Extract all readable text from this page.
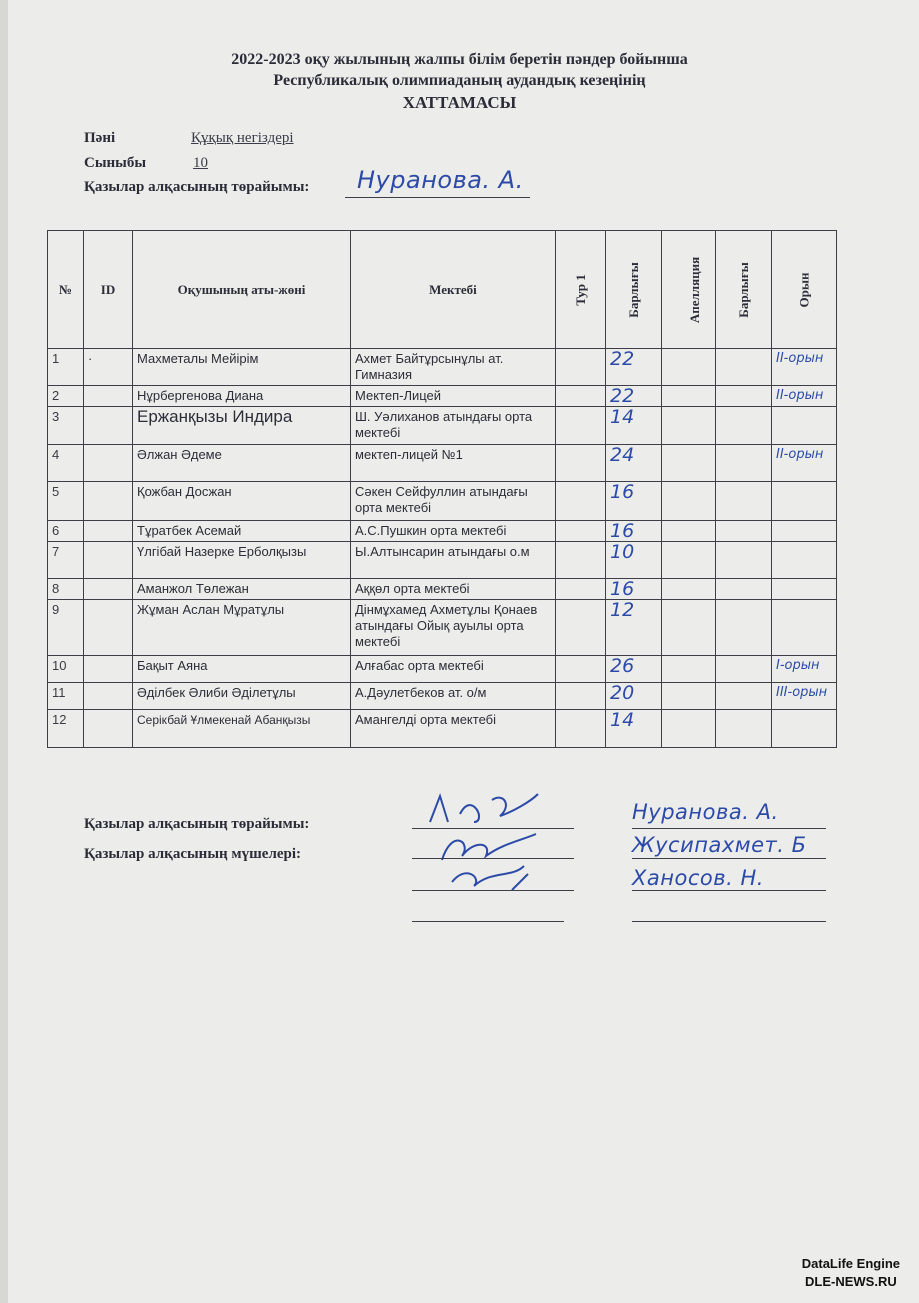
2022-2023 оқу жылының жалпы білім беретін пәндер бойынша
Республикалық олимпиаданың аудандық кезеңінің
ХАТТАМАСЫ
Пәні	Құқық негіздері
Сыныбы	10
Қазылар алқасының төрайымы: Нуранова. А.
№	ID	Оқушының аты-жөні	Мектебі	Тур 1	Барлығы	Апелляция	Барлығы	Орын
1	·	Махметалы Мейірім	Ахмет Байтұрсынұлы ат. Гимназия		22			II-орын
2		Нұрбергенова Диана	Мектеп-Лицей		22			II-орын
3		Ержанқызы Индира	Ш. Уәлиханов атындағы орта мектебі		14			
4		Әлжан Әдеме	мектеп-лицей №1		24			II-орын
5		Қожбан Досжан	Сәкен Сейфуллин атындағы орта мектебі		16			
6		Тұратбек Асемай	А.С.Пушкин орта мектебі		16			
7		Үлгібай Назерке Ерболқызы	Ы.Алтынсарин атындағы о.м		10			
8		Аманжол Төлежан	Аққөл орта мектебі		16			
9		Жұман Аслан Мұратұлы	Дінмұхамед Ахметұлы Қонаев атындағы Ойық ауылы орта мектебі		12			
10		Бақыт Аяна	Алғабас орта мектебі		26			I-орын
11		Әділбек Әлиби Әділетұлы	А.Дәулетбеков ат. о/м		20			III-орын
12		Серікбай Ұлмекенай Абанқызы	Амангелді орта мектебі		14			
Қазылар алқасының төрайымы:
Қазылар алқасының мүшелері:
Нуранова. А.
Жусипахмет. Б
Ханосов. Н.
DataLife Engine
DLE-NEWS.RU
